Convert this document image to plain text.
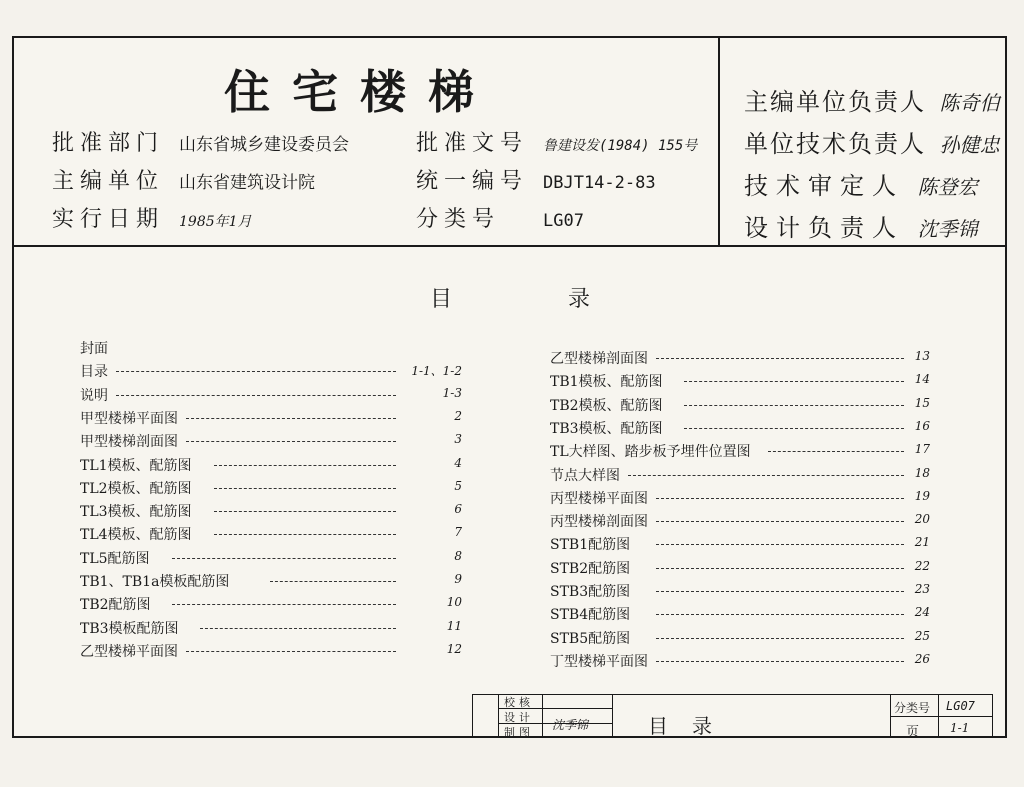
住宅楼梯
批准部门 山东省城乡建设委员会	批准文号 鲁建设发(1984) 155号
主编单位 山东省建筑设计院	统一编号 DBJT14-2-83
实行日期 1985年1月	分类号	LG07
主编单位负责人 陈奇伯
单位技术负责人 孙健忠
技术审定人 陈登宏
设计负责人 沈季锦
目	录
封面
目录	1-1、1-2
说明	1-3
甲型楼梯平面图	2
甲型楼梯剖面图	3
TL1模板、配筋图	4
TL2模板、配筋图	5
TL3模板、配筋图	6
TL4模板、配筋图	7
TL5配筋图	8
TB1、TB1a模板配筋图	9
TB2配筋图	10
TB3模板配筋图	11
乙型楼梯平面图	12
乙型楼梯剖面图	13
TB1模板、配筋图	14
TB2模板、配筋图	15
TB3模板、配筋图	16
TL大样图、踏步板予埋件位置图	17
节点大样图	18
丙型楼梯平面图	19
丙型楼梯剖面图	20
STB1配筋图	21
STB2配筋图	22
STB3配筋图	23
STB4配筋图	24
STB5配筋图	25
丁型楼梯平面图	26
校核
设计
制图
沈季锦	目录
分类号 LG07
页	1-1
